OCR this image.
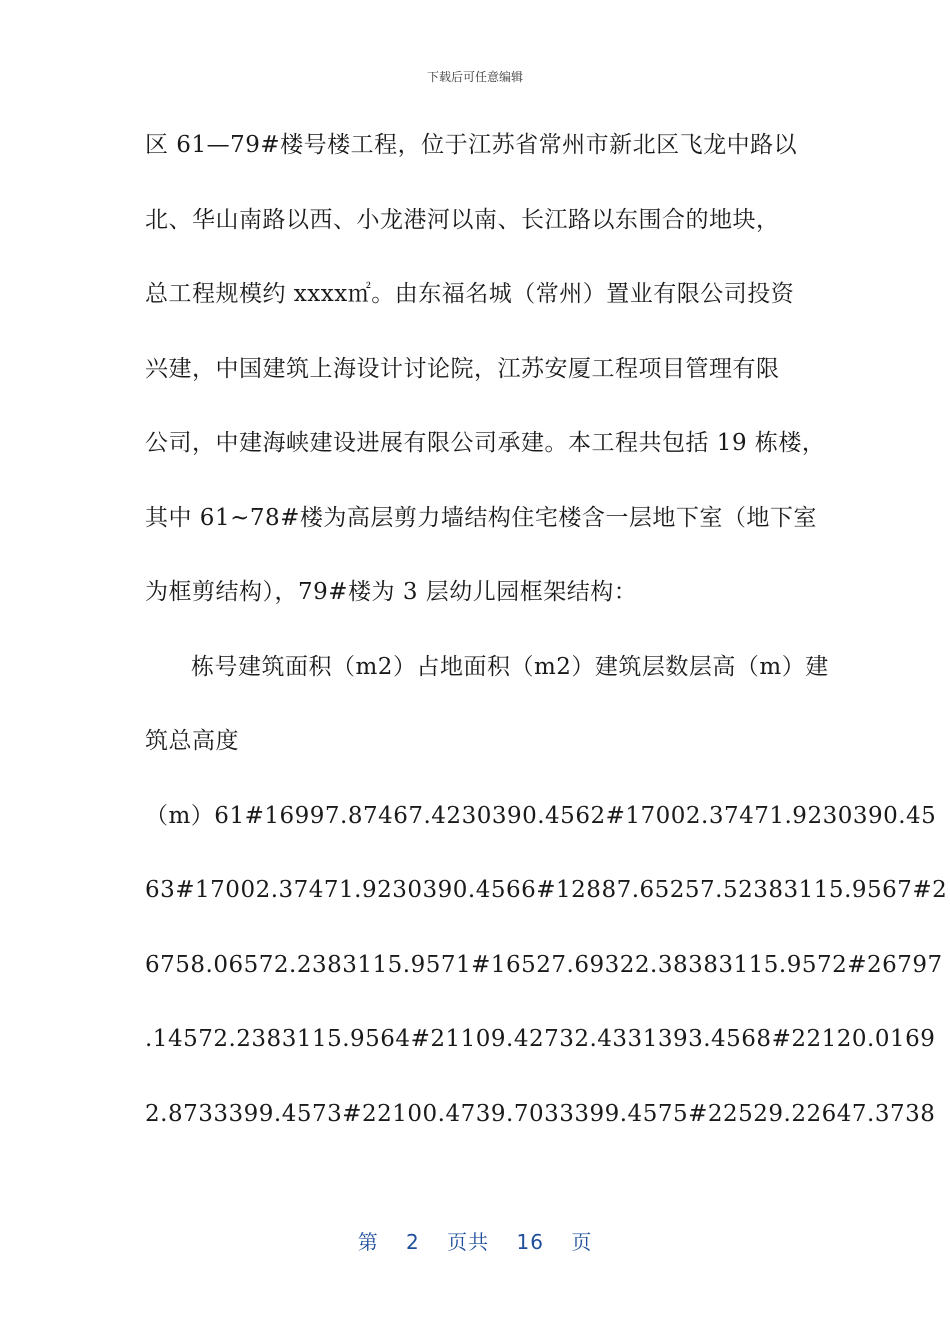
下载后可任意编辑
区 61—79#楼号楼工程，位于江苏省常州市新北区飞龙中路以
北、华山南路以西、小龙港河以南、长江路以东围合的地块，
总工程规模约 xxxx㎡。由东福名城（常州）置业有限公司投资
兴建，中国建筑上海设计讨论院，江苏安厦工程项目管理有限
公司，中建海峡建设进展有限公司承建。本工程共包括 19 栋楼，
其中 61~78#楼为高层剪力墙结构住宅楼含一层地下室（地下室
为框剪结构），79#楼为 3 层幼儿园框架结构：
栋号建筑面积（m2）占地面积（m2）建筑层数层高（m）建
筑总高度
（m）61#16997.87467.4230390.4562#17002.37471.9230390.45
63#17002.37471.9230390.4566#12887.65257.52383115.9567#2
6758.06572.2383115.9571#16527.69322.38383115.9572#26797
.14572.2383115.9564#21109.42732.4331393.4568#22120.0169
2.8733399.4573#22100.4739.7033399.4575#22529.22647.3738
第 2 页共 16 页
